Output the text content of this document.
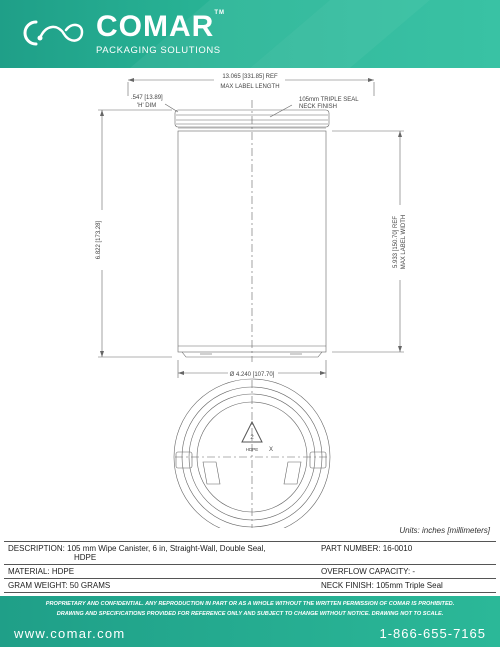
COMAR™
PACKAGING SOLUTIONS
2
HDPE X
13.065 [331.85] REF
MAX LABEL LENGTH
.547 [13.89]
'H' DIM
105mm TRIPLE SEAL
NECK FINISH
6.822 [173.28]	5.933 [150.70] REF MAX LABEL WIDTH
Ø 4.240 [107.70]
Units: inches [millimeters]
DESCRIPTION: 105 mm Wipe Canister, 6 in, Straight-Wall, Double Seal,
HDPE	PART NUMBER: 16-0010
MATERIAL: HDPE	OVERFLOW CAPACITY: -
GRAM WEIGHT: 50 GRAMS	NECK FINISH: 105mm Triple Seal
PROPRIETARY AND CONFIDENTIAL. ANY REPRODUCTION IN PART OR AS A WHOLE WITHOUT THE WRITTEN PERMISSION OF COMAR IS PROHIBITED.
DRAWING AND SPECIFICATIONS PROVIDED FOR REFERENCE ONLY AND SUBJECT TO CHANGE WITHOUT NOTICE. DRAWING NOT TO SCALE.
www.comar.com	1-866-655-7165
